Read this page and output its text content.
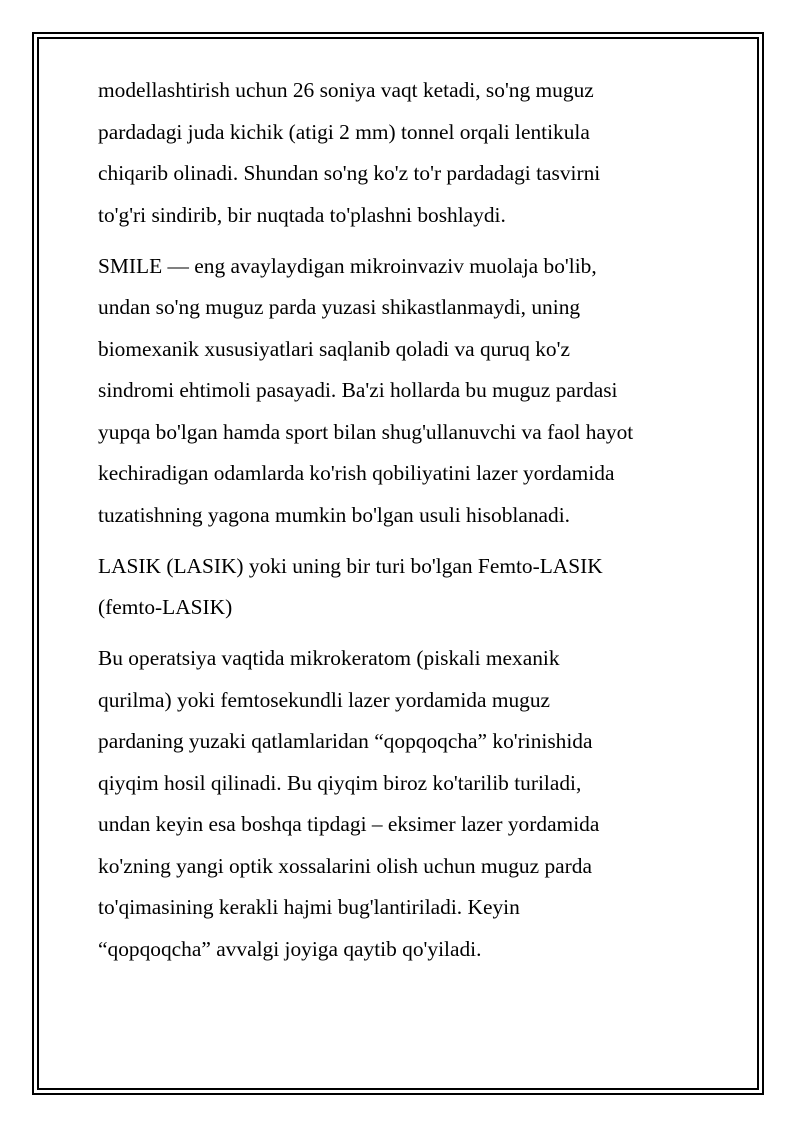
modellashtirish uchun 26 soniya vaqt ketadi, so'ng muguz
pardadagi juda kichik (atigi 2 mm) tonnel orqali lentikula
chiqarib olinadi. Shundan so'ng ko'z to'r pardadagi tasvirni
to'g'ri sindirib, bir nuqtada to'plashni boshlaydi.

SMILE — eng avaylaydigan mikroinvaziv muolaja bo'lib,
undan so'ng muguz parda yuzasi shikastlanmaydi, uning
biomexanik xususiyatlari saqlanib qoladi va quruq ko'z
sindromi ehtimoli pasayadi. Ba'zi hollarda bu muguz pardasi
yupqa bo'lgan hamda sport bilan shug'ullanuvchi va faol hayot
kechiradigan odamlarda ko'rish qobiliyatini lazer yordamida
tuzatishning yagona mumkin bo'lgan usuli hisoblanadi.

LASIK (LASIK) yoki uning bir turi bo'lgan Femto-LASIK
(femto-LASIK)

Bu operatsiya vaqtida mikrokeratom (piskali mexanik
qurilma) yoki femtosekundli lazer yordamida muguz
pardaning yuzaki qatlamlaridan “qopqoqcha” ko'rinishida
qiyqim hosil qilinadi. Bu qiyqim biroz ko'tarilib turiladi,
undan keyin esa boshqa tipdagi – eksimer lazer yordamida
ko'zning yangi optik xossalarini olish uchun muguz parda
to'qimasining kerakli hajmi bug'lantiriladi. Keyin
“qopqoqcha” avvalgi joyiga qaytib qo'yiladi.
